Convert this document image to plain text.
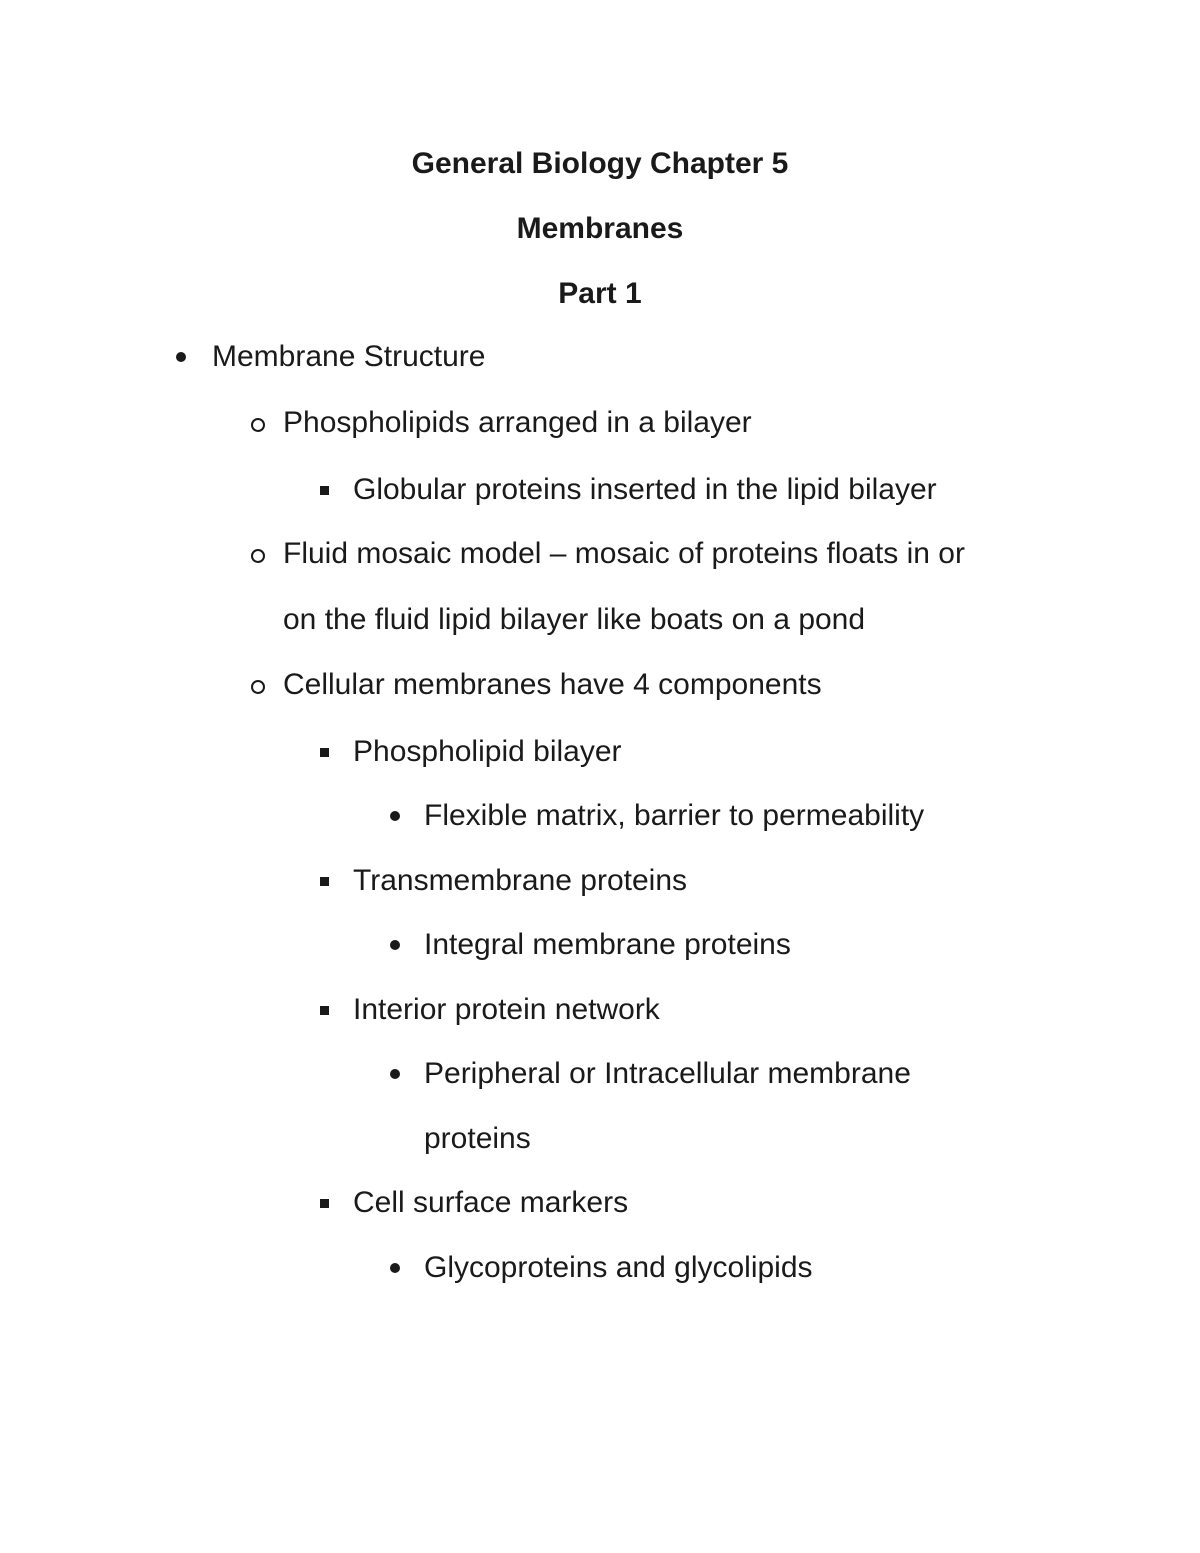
General Biology Chapter 5
Membranes
Part 1
Membrane Structure
Phospholipids arranged in a bilayer
Globular proteins inserted in the lipid bilayer
Fluid mosaic model – mosaic of proteins floats in or
on the fluid lipid bilayer like boats on a pond
Cellular membranes have 4 components
Phospholipid bilayer
Flexible matrix, barrier to permeability
Transmembrane proteins
Integral membrane proteins
Interior protein network
Peripheral or Intracellular membrane
proteins
Cell surface markers
Glycoproteins and glycolipids
